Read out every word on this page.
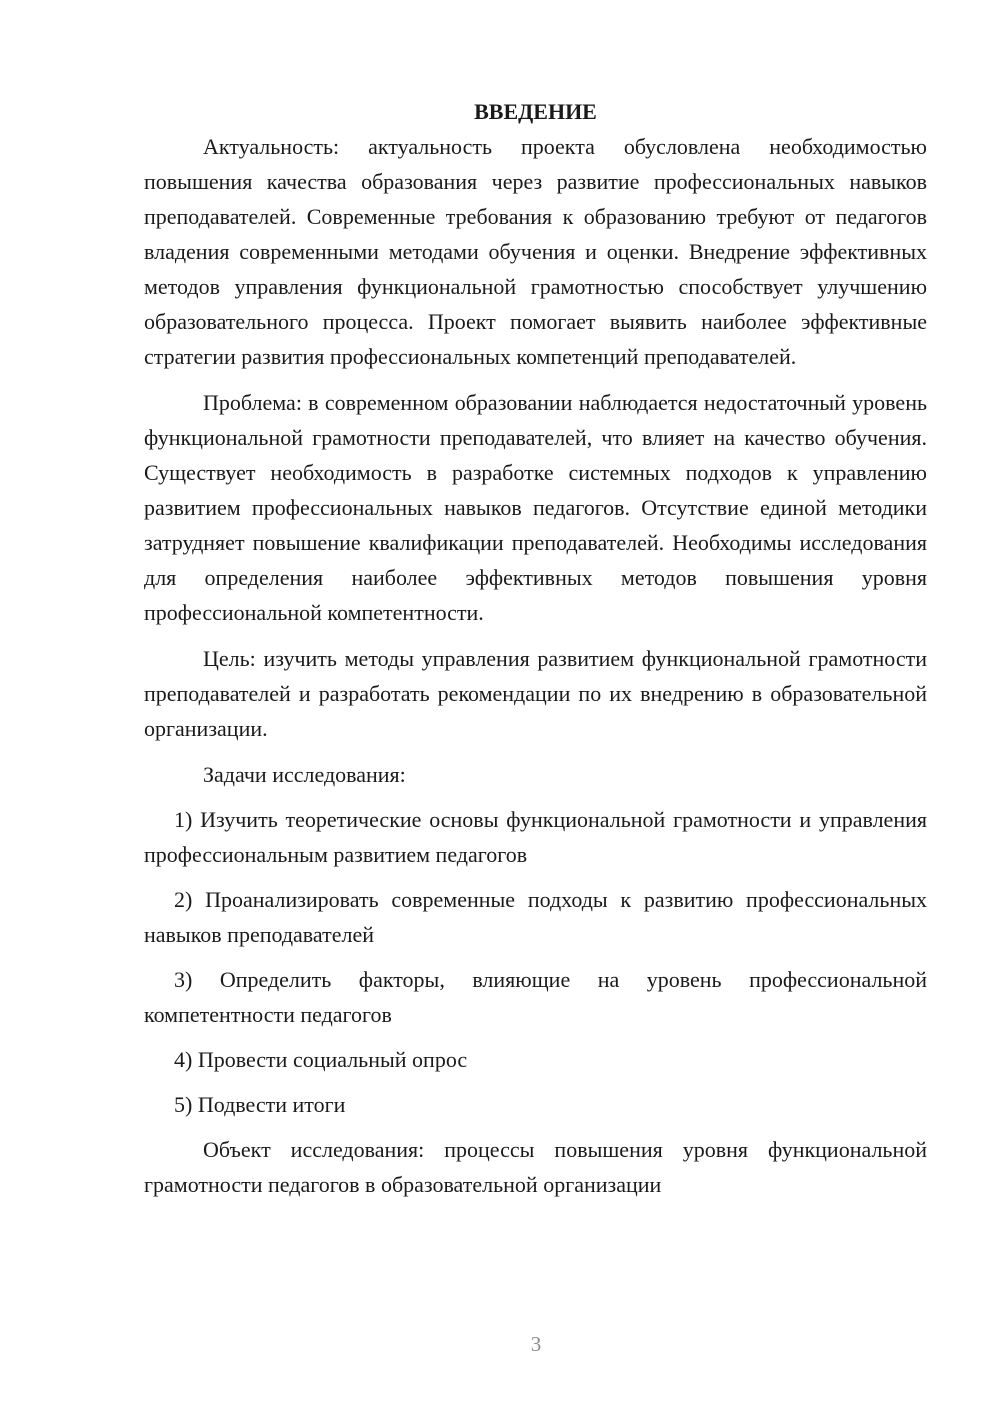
ВВЕДЕНИЕ

Актуальность: актуальность проекта обусловлена необходимостью повышения качества образования через развитие профессиональных навыков преподавателей. Современные требования к образованию требуют от педагогов владения современными методами обучения и оценки. Внедрение эффективных методов управления функциональной грамотностью способствует улучшению образовательного процесса. Проект помогает выявить наиболее эффективные стратегии развития профессиональных компетенций преподавателей.

Проблема: в современном образовании наблюдается недостаточный уровень функциональной грамотности преподавателей, что влияет на качество обучения. Существует необходимость в разработке системных подходов к управлению развитием профессиональных навыков педагогов. Отсутствие единой методики затрудняет повышение квалификации преподавателей. Необходимы исследования для определения наиболее эффективных методов повышения уровня профессиональной компетентности.

Цель: изучить методы управления развитием функциональной грамотности преподавателей и разработать рекомендации по их внедрению в образовательной организации.

Задачи исследования:

1) Изучить теоретические основы функциональной грамотности и управления профессиональным развитием педагогов

2) Проанализировать современные подходы к развитию профессиональных навыков преподавателей

3) Определить факторы, влияющие на уровень профессиональной компетентности педагогов

4) Провести социальный опрос

5) Подвести итоги

Объект исследования: процессы повышения уровня функциональной грамотности педагогов в образовательной организации

3
